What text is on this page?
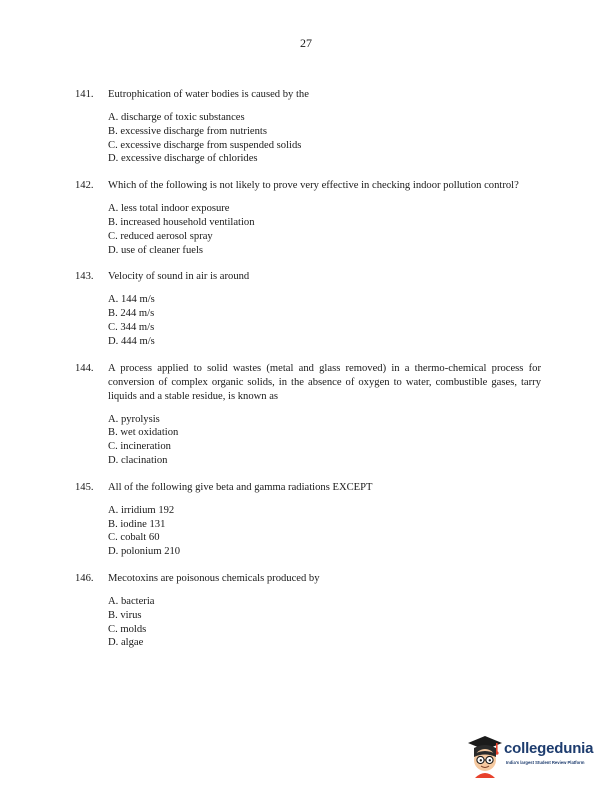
27
141.	Eutrophication of water bodies is caused by the
A. discharge of toxic substances
B. excessive discharge from nutrients
C. excessive discharge from suspended solids
D. excessive discharge of chlorides
142.	Which of the following is not likely to prove very effective in checking indoor pollution control?
A. less total indoor exposure
B. increased household ventilation
C. reduced aerosol spray
D. use of cleaner fuels
143.	Velocity of sound in air is around
A. 144 m/s
B. 244 m/s
C. 344 m/s
D. 444 m/s
144.	A process applied to solid wastes (metal and glass removed) in a thermo-chemical process for conversion of complex organic solids, in the absence of oxygen to water, combustible gases, tarry liquids and a stable residue, is known as
A. pyrolysis
B. wet oxidation
C. incineration
D. clacination
145.	All of the following give beta and gamma radiations EXCEPT
A. irridium 192
B. iodine 131
C. cobalt 60
D. polonium 210
146.	Mecotoxins are poisonous chemicals produced by
A. bacteria
B. virus
C. molds
D. algae
collegedunia
India's largest Student Review Platform
